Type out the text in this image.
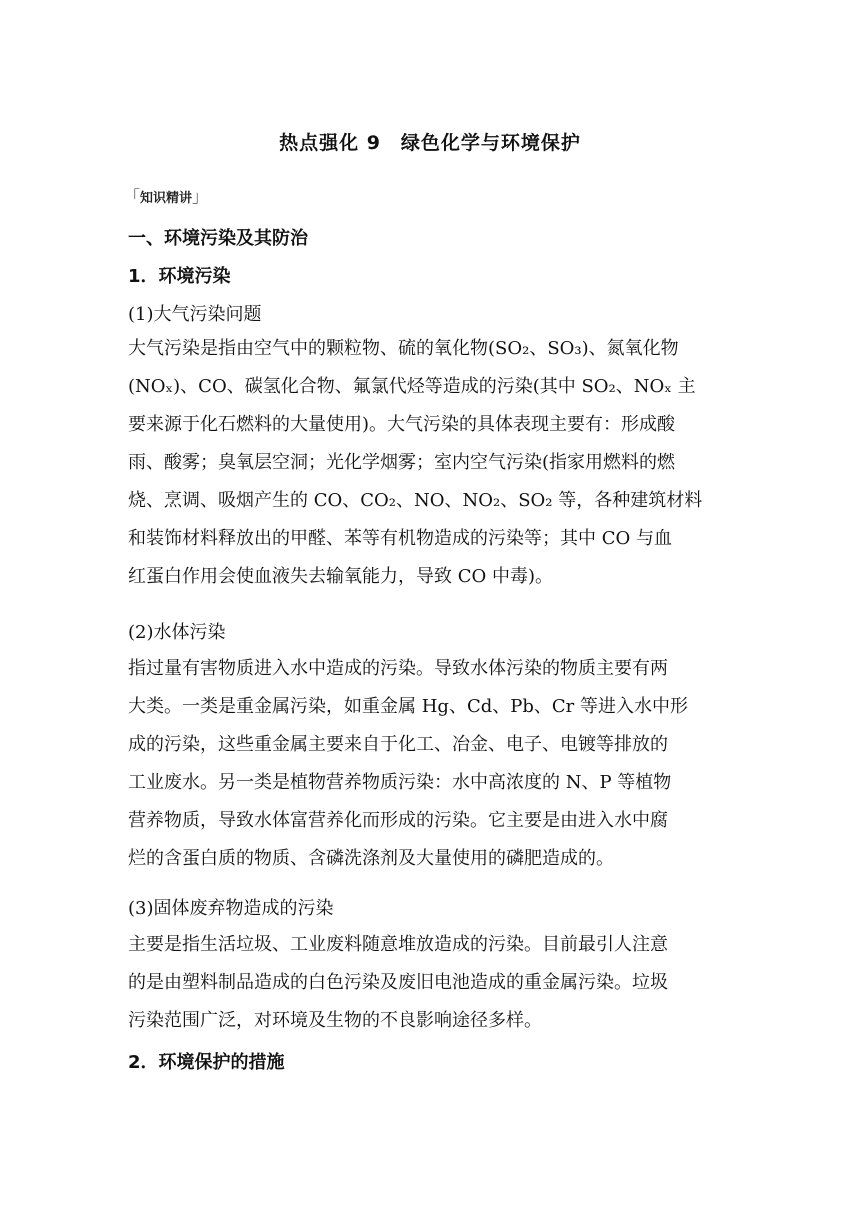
热点强化 9　绿色化学与环境保护
「知识精讲」
一、环境污染及其防治
1．环境污染
(1)大气污染问题
大气污染是指由空气中的颗粒物、硫的氧化物(SO₂、SO₃)、氮氧化物
(NOₓ)、CO、碳氢化合物、氟氯代烃等造成的污染(其中 SO₂、NOₓ 主
要来源于化石燃料的大量使用)。大气污染的具体表现主要有：形成酸
雨、酸雾；臭氧层空洞；光化学烟雾；室内空气污染(指家用燃料的燃
烧、烹调、吸烟产生的 CO、CO₂、NO、NO₂、SO₂ 等，各种建筑材料
和装饰材料释放出的甲醛、苯等有机物造成的污染等；其中 CO 与血
红蛋白作用会使血液失去输氧能力，导致 CO 中毒)。
(2)水体污染
指过量有害物质进入水中造成的污染。导致水体污染的物质主要有两
大类。一类是重金属污染，如重金属 Hg、Cd、Pb、Cr 等进入水中形
成的污染，这些重金属主要来自于化工、冶金、电子、电镀等排放的
工业废水。另一类是植物营养物质污染：水中高浓度的 N、P 等植物
营养物质，导致水体富营养化而形成的污染。它主要是由进入水中腐
烂的含蛋白质的物质、含磷洗涤剂及大量使用的磷肥造成的。
(3)固体废弃物造成的污染
主要是指生活垃圾、工业废料随意堆放造成的污染。目前最引人注意
的是由塑料制品造成的白色污染及废旧电池造成的重金属污染。垃圾
污染范围广泛，对环境及生物的不良影响途径多样。
2．环境保护的措施
